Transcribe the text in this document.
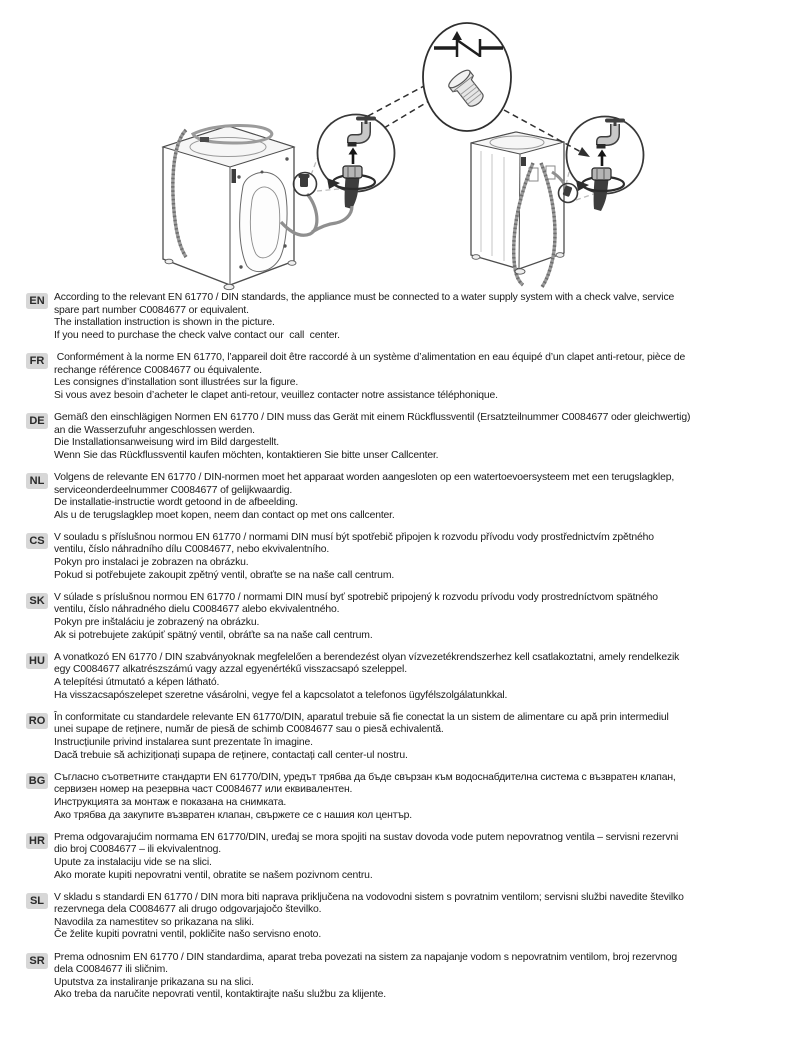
EN According to the relevant EN 61770 / DIN standards, the appliance must be connected to a water supply system with a check valve, service
spare part number C0084677 or equivalent.
The installation instruction is shown in the picture.
If you need to purchase the check valve contact our  call  center.
FR Conformément à la norme EN 61770, l’appareil doit être raccordé à un système d’alimentation en eau équipé d’un clapet anti-retour, pièce de
rechange référence C0084677 ou équivalente.
Les consignes d’installation sont illustrées sur la figure.
Si vous avez besoin d’acheter le clapet anti-retour, veuillez contacter notre assistance téléphonique.
DE Gemäß den einschlägigen Normen EN 61770 / DIN muss das Gerät mit einem Rückflussventil (Ersatzteilnummer C0084677 oder gleichwertig)
an die Wasserzufuhr angeschlossen werden.
Die Installationsanweisung wird im Bild dargestellt.
Wenn Sie das Rückflussventil kaufen möchten, kontaktieren Sie bitte unser Callcenter.
NL Volgens de relevante EN 61770 / DIN-normen moet het apparaat worden aangesloten op een watertoevoersysteem met een terugslagklep,
serviceonderdeelnummer C0084677 of gelijkwaardig.
De installatie-instructie wordt getoond in de afbeelding.
Als u de terugslagklep moet kopen, neem dan contact op met ons callcenter.
CS V souladu s příslušnou normou EN 61770 / normami DIN musí být spotřebič připojen k rozvodu přívodu vody prostřednictvím zpětného
ventilu, číslo náhradního dílu C0084677, nebo ekvivalentního.
Pokyn pro instalaci je zobrazen na obrázku.
Pokud si potřebujete zakoupit zpětný ventil, obraťte se na naše call centrum.
SK V súlade s príslušnou normou EN 61770 / normami DIN musí byť spotrebič pripojený k rozvodu prívodu vody prostredníctvom spätného
ventilu, číslo náhradného dielu C0084677 alebo ekvivalentného.
Pokyn pre inštaláciu je zobrazený na obrázku.
Ak si potrebujete zakúpiť spätný ventil, obráťte sa na naše call centrum.
HU A vonatkozó EN 61770 / DIN szabványoknak megfelelően a berendezést olyan vízvezetékrendszerhez kell csatlakoztatni, amely rendelkezik
egy C0084677 alkatrészszámú vagy azzal egyenértékű visszacsapó szeleppel.
A telepítési útmutató a képen látható.
Ha visszacsapószelepet szeretne vásárolni, vegye fel a kapcsolatot a telefonos ügyfélszolgálatunkkal.
RO În conformitate cu standardele relevante EN 61770/DIN, aparatul trebuie să fie conectat la un sistem de alimentare cu apă prin intermediul
unei supape de reținere, număr de piesă de schimb C0084677 sau o piesă echivalentă.
Instrucțiunile privind instalarea sunt prezentate în imagine.
Dacă trebuie să achiziționați supapa de reținere, contactați call center-ul nostru.
BG Съгласно съответните стандарти EN 61770/DIN, уредът трябва да бъде свързан към водоснабдителна система с възвратен клапан,
сервизен номер на резервна част C0084677 или еквивалентен.
Инструкцията за монтаж е показана на снимката.
Ако трябва да закупите възвратен клапан, свържете се с нашия кол център.
HR Prema odgovarajućim normama EN 61770/DIN, uređaj se mora spojiti na sustav dovoda vode putem nepovratnog ventila – servisni rezervni
dio broj C0084677 – ili ekvivalentnog.
Upute za instalaciju vide se na slici.
Ako morate kupiti nepovratni ventil, obratite se našem pozivnom centru.
SL V skladu s standardi EN 61770 / DIN mora biti naprava priključena na vodovodni sistem s povratnim ventilom; servisni službi navedite številko
rezervnega dela C0084677 ali drugo odgovarjajočo številko.
Navodila za namestitev so prikazana na sliki.
Če želite kupiti povratni ventil, pokličite našo servisno enoto.
SR Prema odnosnim EN 61770 / DIN standardima, aparat treba povezati na sistem za napajanje vodom s nepovratnim ventilom, broj rezervnog
dela C0084677 ili sličnim.
Uputstva za instaliranje prikazana su na slici.
Ako treba da naručite nepovrati ventil, kontaktirajte našu službu za klijente.
